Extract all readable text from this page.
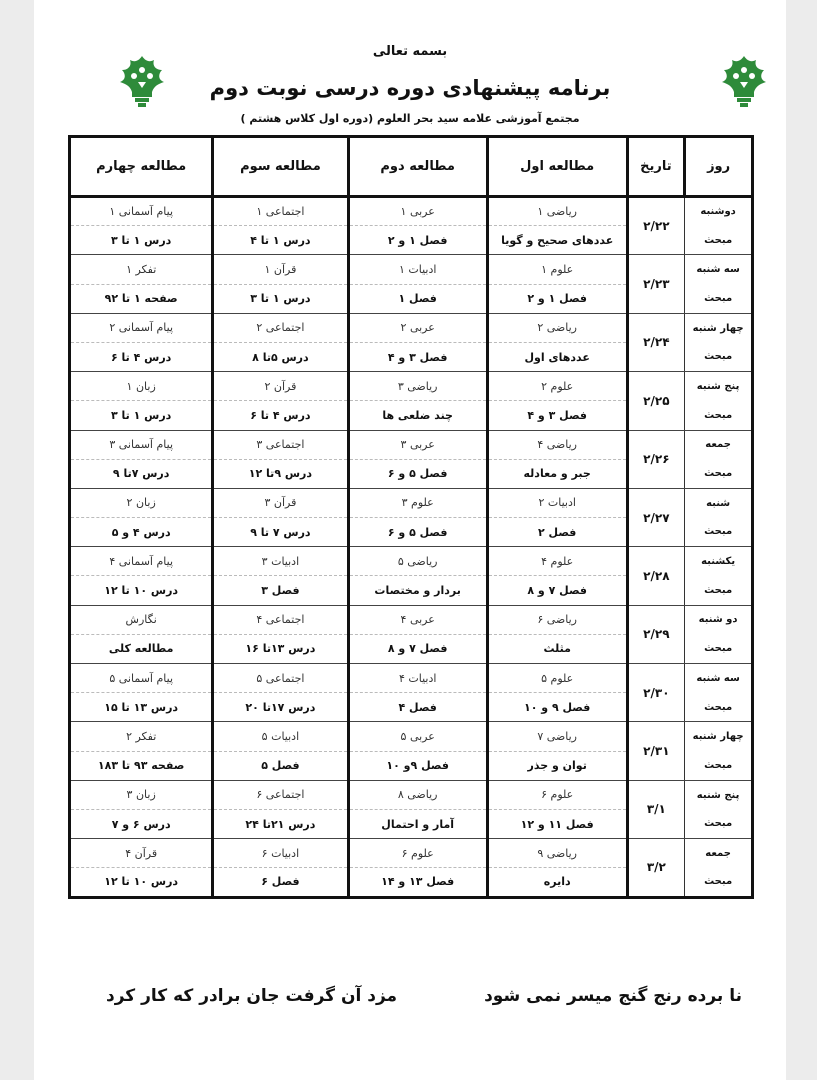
بسمه تعالی
برنامه پیشنهادی دوره درسی نوبت دوم
مجتمع آموزشی علامه سید بحر العلوم (دوره اول کلاس هشتم )
روز	تاریخ	مطالعه اول	مطالعه دوم	مطالعه سوم	مطالعه چهارم
دوشنبه	۲/۲۲	ریاضی ۱	عربی ۱	اجتماعی ۱	پیام آسمانی ۱
مبحث		عددهای صحیح و گویا	فصل ۱ و ۲	درس ۱ تا ۴	درس ۱ تا ۳
سه شنبه	۲/۲۳	علوم ۱	ادبیات ۱	قرآن ۱	تفکر ۱
مبحث		فصل ۱ و ۲	فصل ۱	درس ۱ تا ۳	صفحه ۱ تا ۹۲
چهار شنبه	۲/۲۴	ریاضی ۲	عربی ۲	اجتماعی ۲	پیام آسمانی ۲
مبحث		عددهای اول	فصل ۳ و ۴	درس ۵تا ۸	درس ۴ تا ۶
پنج شنبه	۲/۲۵	علوم ۲	ریاضی ۳	قرآن ۲	زبان ۱
مبحث		فصل ۳ و ۴	چند ضلعی ها	درس ۴ تا ۶	درس ۱ تا ۳
جمعه	۲/۲۶	ریاضی ۴	عربی ۳	اجتماعی ۳	پیام آسمانی ۳
مبحث		جبر و معادله	فصل ۵ و ۶	درس ۹تا ۱۲	درس ۷تا ۹
شنبه	۲/۲۷	ادبیات ۲	علوم ۳	قرآن ۳	زبان ۲
مبحث		فصل ۲	فصل ۵ و ۶	درس ۷ تا ۹	درس ۴ و ۵
یکشنبه	۲/۲۸	علوم ۴	ریاضی ۵	ادبیات ۳	پیام آسمانی ۴
مبحث		فصل ۷ و ۸	بردار و مختصات	فصل ۳	درس ۱۰ تا ۱۲
دو شنبه	۲/۲۹	ریاضی ۶	عربی ۴	اجتماعی ۴	نگارش
مبحث		مثلث	فصل ۷ و ۸	درس ۱۳تا ۱۶	مطالعه کلی
سه شنبه	۲/۳۰	علوم ۵	ادبیات ۴	اجتماعی ۵	پیام آسمانی ۵
مبحث		فصل ۹ و ۱۰	فصل ۴	درس ۱۷تا ۲۰	درس ۱۳ تا ۱۵
چهار شنبه	۲/۳۱	ریاضی ۷	عربی ۵	ادبیات ۵	تفکر ۲
مبحث		توان و جذر	فصل ۹و ۱۰	فصل ۵	صفحه ۹۳ تا ۱۸۳
پنج شنبه	۳/۱	علوم ۶	ریاضی ۸	اجتماعی ۶	زبان ۳
مبحث		فصل ۱۱ و ۱۲	آمار و احتمال	درس ۲۱تا ۲۴	درس ۶ و ۷
جمعه	۳/۲	ریاضی ۹	علوم ۶	ادبیات ۶	قرآن ۴
مبحث		دایره	فصل ۱۳ و ۱۴	فصل ۶	درس ۱۰ تا ۱۲
نا برده رنج گنج میسر نمی شود
مزد آن گرفت جان برادر که کار کرد
